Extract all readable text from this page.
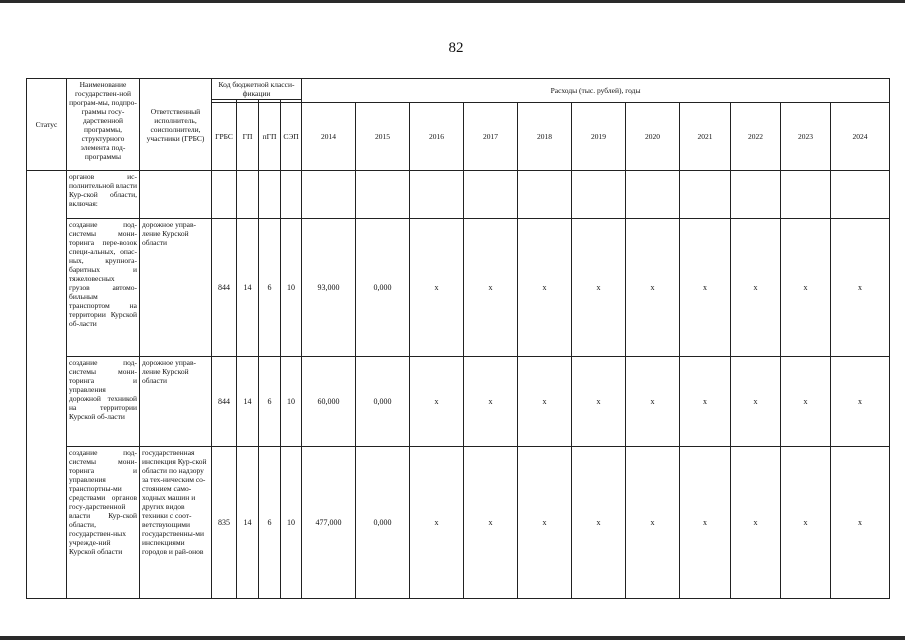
82
Статус	Наименование государствен-ной програм-мы, подпро-граммы госу-дарственной программы, структурного элемента под-программы	Ответственный исполнитель, соисполнители, участники (ГРБС)	Код бюджетной класси-фикации				Расходы (тыс. рублей), годы										

			ГРБС	ГП	пГП	СЭП	2014	2015	2016	2017	2018	2019	2020	2021	2022	2023	2024
	органов ис-полнительной власти Кур-ской области, включая:																
	создание под-системы мони-торинга пере-возок специ-альных, опас-ных, крупнога-баритных и тяжеловесных грузов автомо-бильным транспортом на территории Курской об-ласти	дорожное управ-ление Курской области	844	14	6	10	93,000	0,000	x	x	x	x	x	x	x	x	x
	создание под-системы мони-торинга и управления дорожной техникой на территории Курской об-ласти	дорожное управ-ление Курской области	844	14	6	10	60,000	0,000	x	x	x	x	x	x	x	x	x
	создание под-системы мони-торинга и управления транспортны-ми средствами органов госу-дарственной власти Кур-ской области, государствен-ных учрежде-ний Курской области	государственная инспекция Кур-ской области по надзору за тех-ническим со-стоянием само-ходных машин и других видов техники с соот-ветствующими государственны-ми инспекциями городов и рай-онов	835	14	6	10	477,000	0,000	x	x	x	x	x	x	x	x	x
